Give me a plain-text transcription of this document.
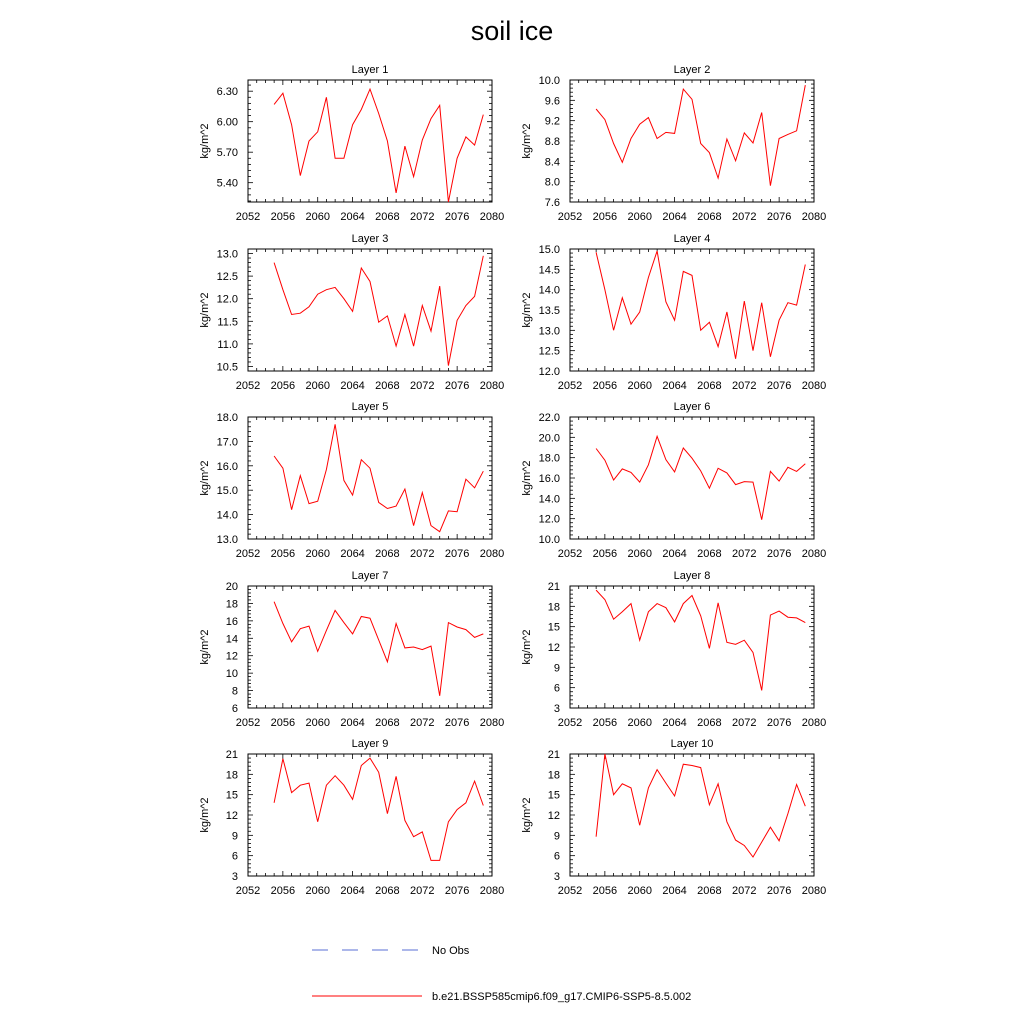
soil ice
Layer 1
2052 2056 2060 2064 2068 2072 2076 2080
5.40
5.70
6.00
6.30
kg/m^2
Layer 2
2052 2056 2060 2064 2068 2072 2076 2080
7.6
8.0
8.4
8.8
9.2
9.6
10.0
kg/m^2
Layer 3
2052 2056 2060 2064 2068 2072 2076 2080
10.5
11.0
11.5
12.0
12.5
13.0
kg/m^2
Layer 4
2052 2056 2060 2064 2068 2072 2076 2080
12.0
12.5
13.0
13.5
14.0
14.5
15.0
kg/m^2
Layer 5
2052 2056 2060 2064 2068 2072 2076 2080
13.0
14.0
15.0
16.0
17.0
18.0
kg/m^2
Layer 6
2052 2056 2060 2064 2068 2072 2076 2080
10.0
12.0
14.0
16.0
18.0
20.0
22.0
kg/m^2
Layer 7
2052 2056 2060 2064 2068 2072 2076 2080
6
8
10
12
14
16
18
20
kg/m^2
Layer 8
2052 2056 2060 2064 2068 2072 2076 2080
3
6
9
12
15
18
21
kg/m^2
Layer 9
2052 2056 2060 2064 2068 2072 2076 2080
3
6
9
12
15
18
21
kg/m^2
Layer 10
2052 2056 2060 2064 2068 2072 2076 2080
3
6
9
12
15
18
21
kg/m^2
No Obs
b.e21.BSSP585cmip6.f09_g17.CMIP6-SSP5-8.5.002
